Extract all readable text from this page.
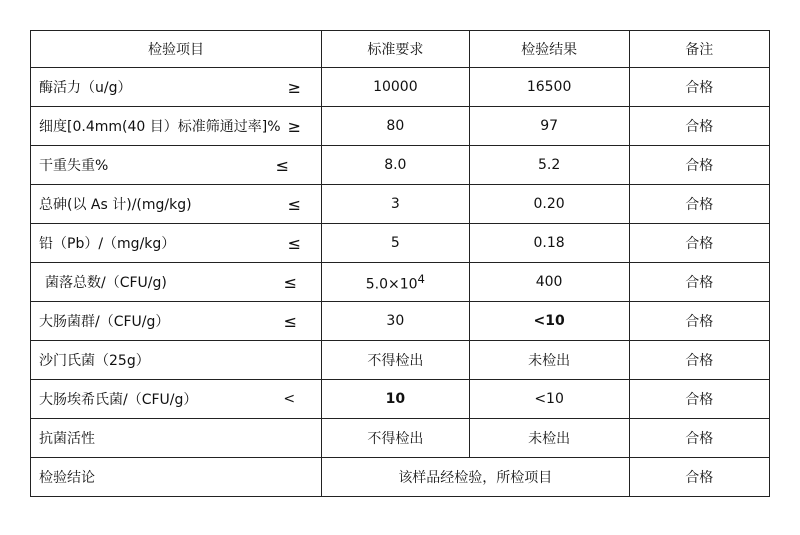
检验项目	标准要求	检验结果	备注

酶活力（u/g） ≥	10000	16500	合格

细度[0.4mm(40 目）标准筛通过率]% ≥	80	97	合格

干重失重% ≤	8.0	5.2	合格

总砷(以 As 计)/(mg/kg) ≤	3	0.20	合格

铅（Pb）/（mg/kg） ≤	5	0.18	合格

菌落总数/（CFU/g) ≤	$5.0\times 10^4$	400	合格

大肠菌群/（CFU/g） ≤	30	<10	合格

沙门氏菌（25g）	不得检出	未检出	合格

大肠埃希氏菌/（CFU/g） <	10	<10	合格

抗菌活性	不得检出	未检出	合格
检验结论	该样品经检验，所检项目		合格
